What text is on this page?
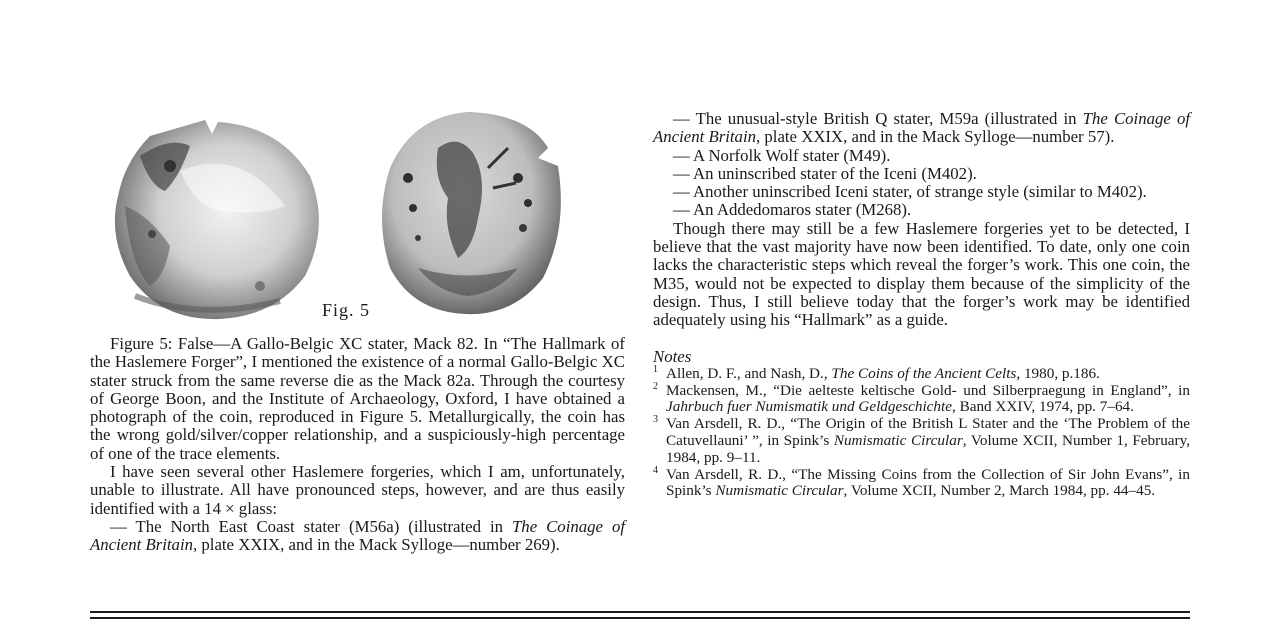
Fig. 5

Figure 5: False—A Gallo-Belgic XC stater, Mack 82. In “The Hallmark of the Haslemere Forger”, I mentioned the existence of a normal Gallo-Belgic XC stater struck from the same reverse die as the Mack 82a. Through the courtesy of George Boon, and the Institute of Archaeology, Oxford, I have obtained a photograph of the coin, reproduced in Figure 5. Metallurgically, the coin has the wrong gold/silver/copper relationship, and a suspiciously-high percentage of one of the trace elements.

I have seen several other Haslemere forgeries, which I am, unfortunately, unable to illustrate. All have pronounced steps, however, and are thus easily identified with a 14 × glass:

— The North East Coast stater (M56a) (illustrated in The Coinage of Ancient Britain, plate XXIX, and in the Mack Sylloge—number 269).

— The unusual-style British Q stater, M59a (illustrated in The Coinage of Ancient Britain, plate XXIX, and in the Mack Sylloge—number 57).

— A Norfolk Wolf stater (M49).

— An uninscribed stater of the Iceni (M402).

— Another uninscribed Iceni stater, of strange style (similar to M402).

— An Addedomaros stater (M268).

Though there may still be a few Haslemere forgeries yet to be detected, I believe that the vast majority have now been identified. To date, only one coin lacks the characteristic steps which reveal the forger’s work. This one coin, the M35, would not be expected to display them because of the simplicity of the design. Thus, I still believe today that the forger’s work may be identified adequately using his “Hallmark” as a guide.

Notes

1 Allen, D. F., and Nash, D., The Coins of the Ancient Celts, 1980, p.186.

2 Mackensen, M., “Die aelteste keltische Gold- und Silberpraegung in England”, in Jahrbuch fuer Numismatik und Geldgeschichte, Band XXIV, 1974, pp. 7–64.

3 Van Arsdell, R. D., “The Origin of the British L Stater and the ‘The Problem of the Catuvellauni’ ”, in Spink’s Numismatic Circular, Volume XCII, Number 1, February, 1984, pp. 9–11.

4 Van Arsdell, R. D., “The Missing Coins from the Collection of Sir John Evans”, in Spink’s Numismatic Circular, Volume XCII, Number 2, March 1984, pp. 44–45.
